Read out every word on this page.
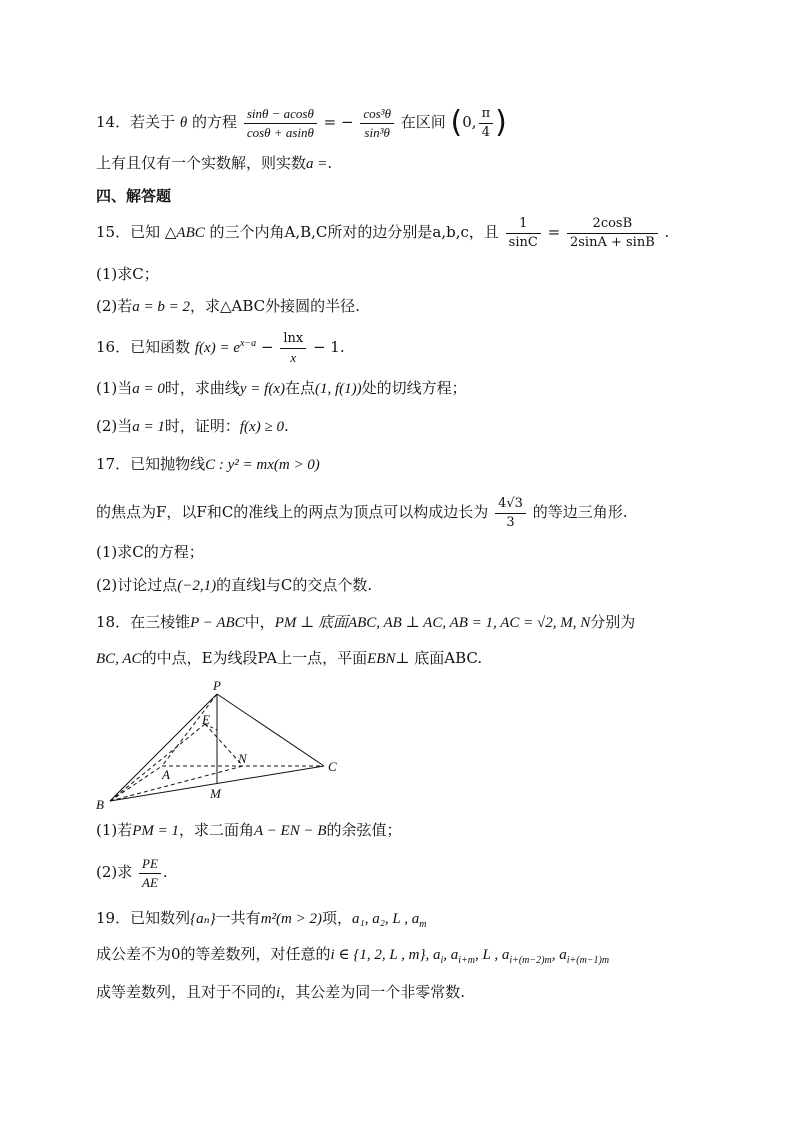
14．若关于 θ 的方程 $\frac{\sin\theta - acos\theta}{\cos\theta + asin\theta}$ = − $\frac{\text{cos³θ}}{\text{sin³θ}}$ 在区间 (0, $\frac{\pi}{4}$ )
上有且仅有一个实数解，则实数a =.
四、解答题
15．已知 △ABC 的三个内角A,B,C所对的边分别是a,b,c，且 $\frac{1}{\sin C} = \frac{2\cos B}{2\sin A + \sin B}$ .
(1)求C；
(2)若a = b = 2，求△ABC外接圆的半径.
16．已知函数 $f(x) = e^{x-a} - \frac{\ln x}{x} - 1$.
(1)当a = 0时，求曲线y = f(x)在点(1, f(1))处的切线方程；
(2)当a = 1时，证明：f(x) ≥ 0.
17．已知抛物线C : y² = mx(m > 0)
的焦点为F，以F和C的准线上的两点为顶点可以构成边长为 $\frac{4√3}{3}$ 的等边三角形.
(1)求C的方程；
(2)讨论过点(−2,1)的直线l与C的交点个数.
18．在三棱锥P − ABC中，PM ⊥ 底面ABC, AB ⊥ AC, AB = 1, AC = √2, M, N分别为
BC, AC的中点，E为线段PA上一点，平面EBN⊥ 底面ABC.
P
E
N
A
C
B
M
(1)若PM = 1，求二面角A − EN − B的余弦值；
(2)求 $\frac{PE}{AE}$ .
19．已知数列{aₙ}一共有m²(m > 2)项，a₁, a₂, L , $a_m$
成公差不为0的等差数列，对任意的i ∈ {1, 2, L , m}, $a_i$, $a_{i+m}$, L , $a_{i+(m-2)m}$, $a_{i+(m-1)m}$
成等差数列，且对于不同的i，其公差为同一个非零常数.
